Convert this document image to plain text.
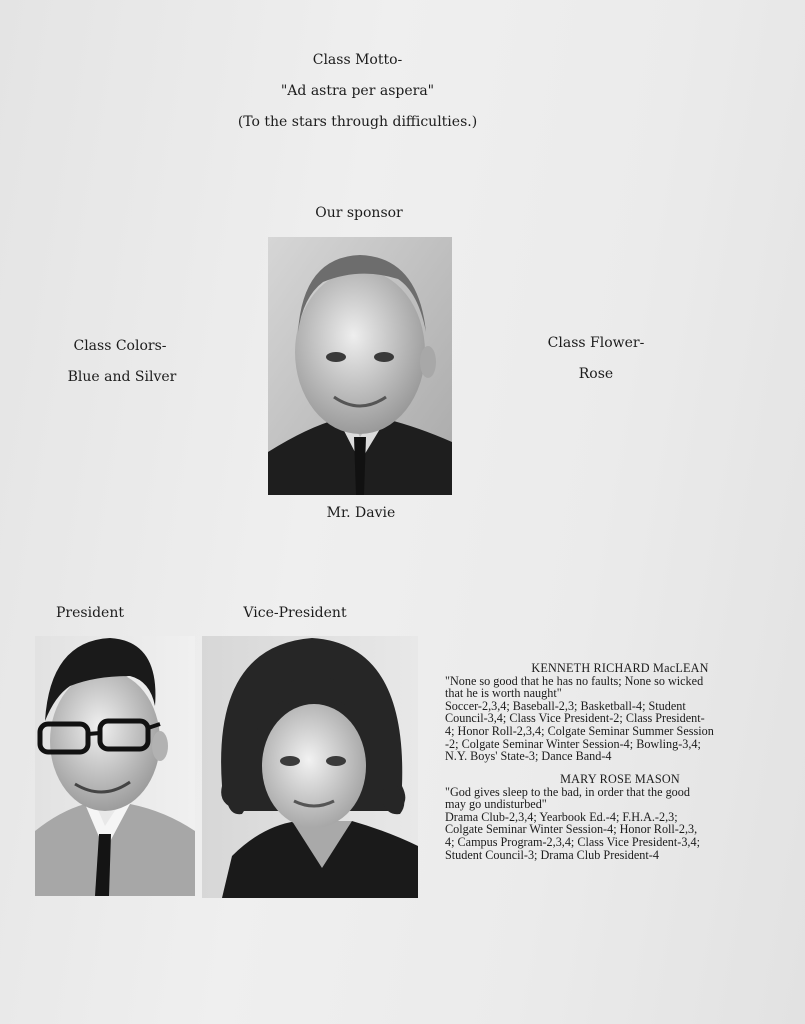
Class Motto-
"Ad astra per aspera"
(To the stars through difficulties.)
Our sponsor
Mr. Davie
Class Colors-
Blue and Silver
Class Flower-
Rose
President	Vice-President
KENNETH RICHARD MacLEAN
"None so good that he has no faults; None so wicked
that he is worth naught"
Soccer-2,3,4; Baseball-2,3; Basketball-4; Student
Council-3,4; Class Vice President-2; Class President-
4; Honor Roll-2,3,4; Colgate Seminar Summer Session
-2; Colgate Seminar Winter Session-4; Bowling-3,4;
N.Y. Boys' State-3; Dance Band-4
MARY ROSE MASON
"God gives sleep to the bad, in order that the good
may go undisturbed"
Drama Club-2,3,4; Yearbook Ed.-4; F.H.A.-2,3;
Colgate Seminar Winter Session-4; Honor Roll-2,3,
4; Campus Program-2,3,4; Class Vice President-3,4;
Student Council-3; Drama Club President-4
